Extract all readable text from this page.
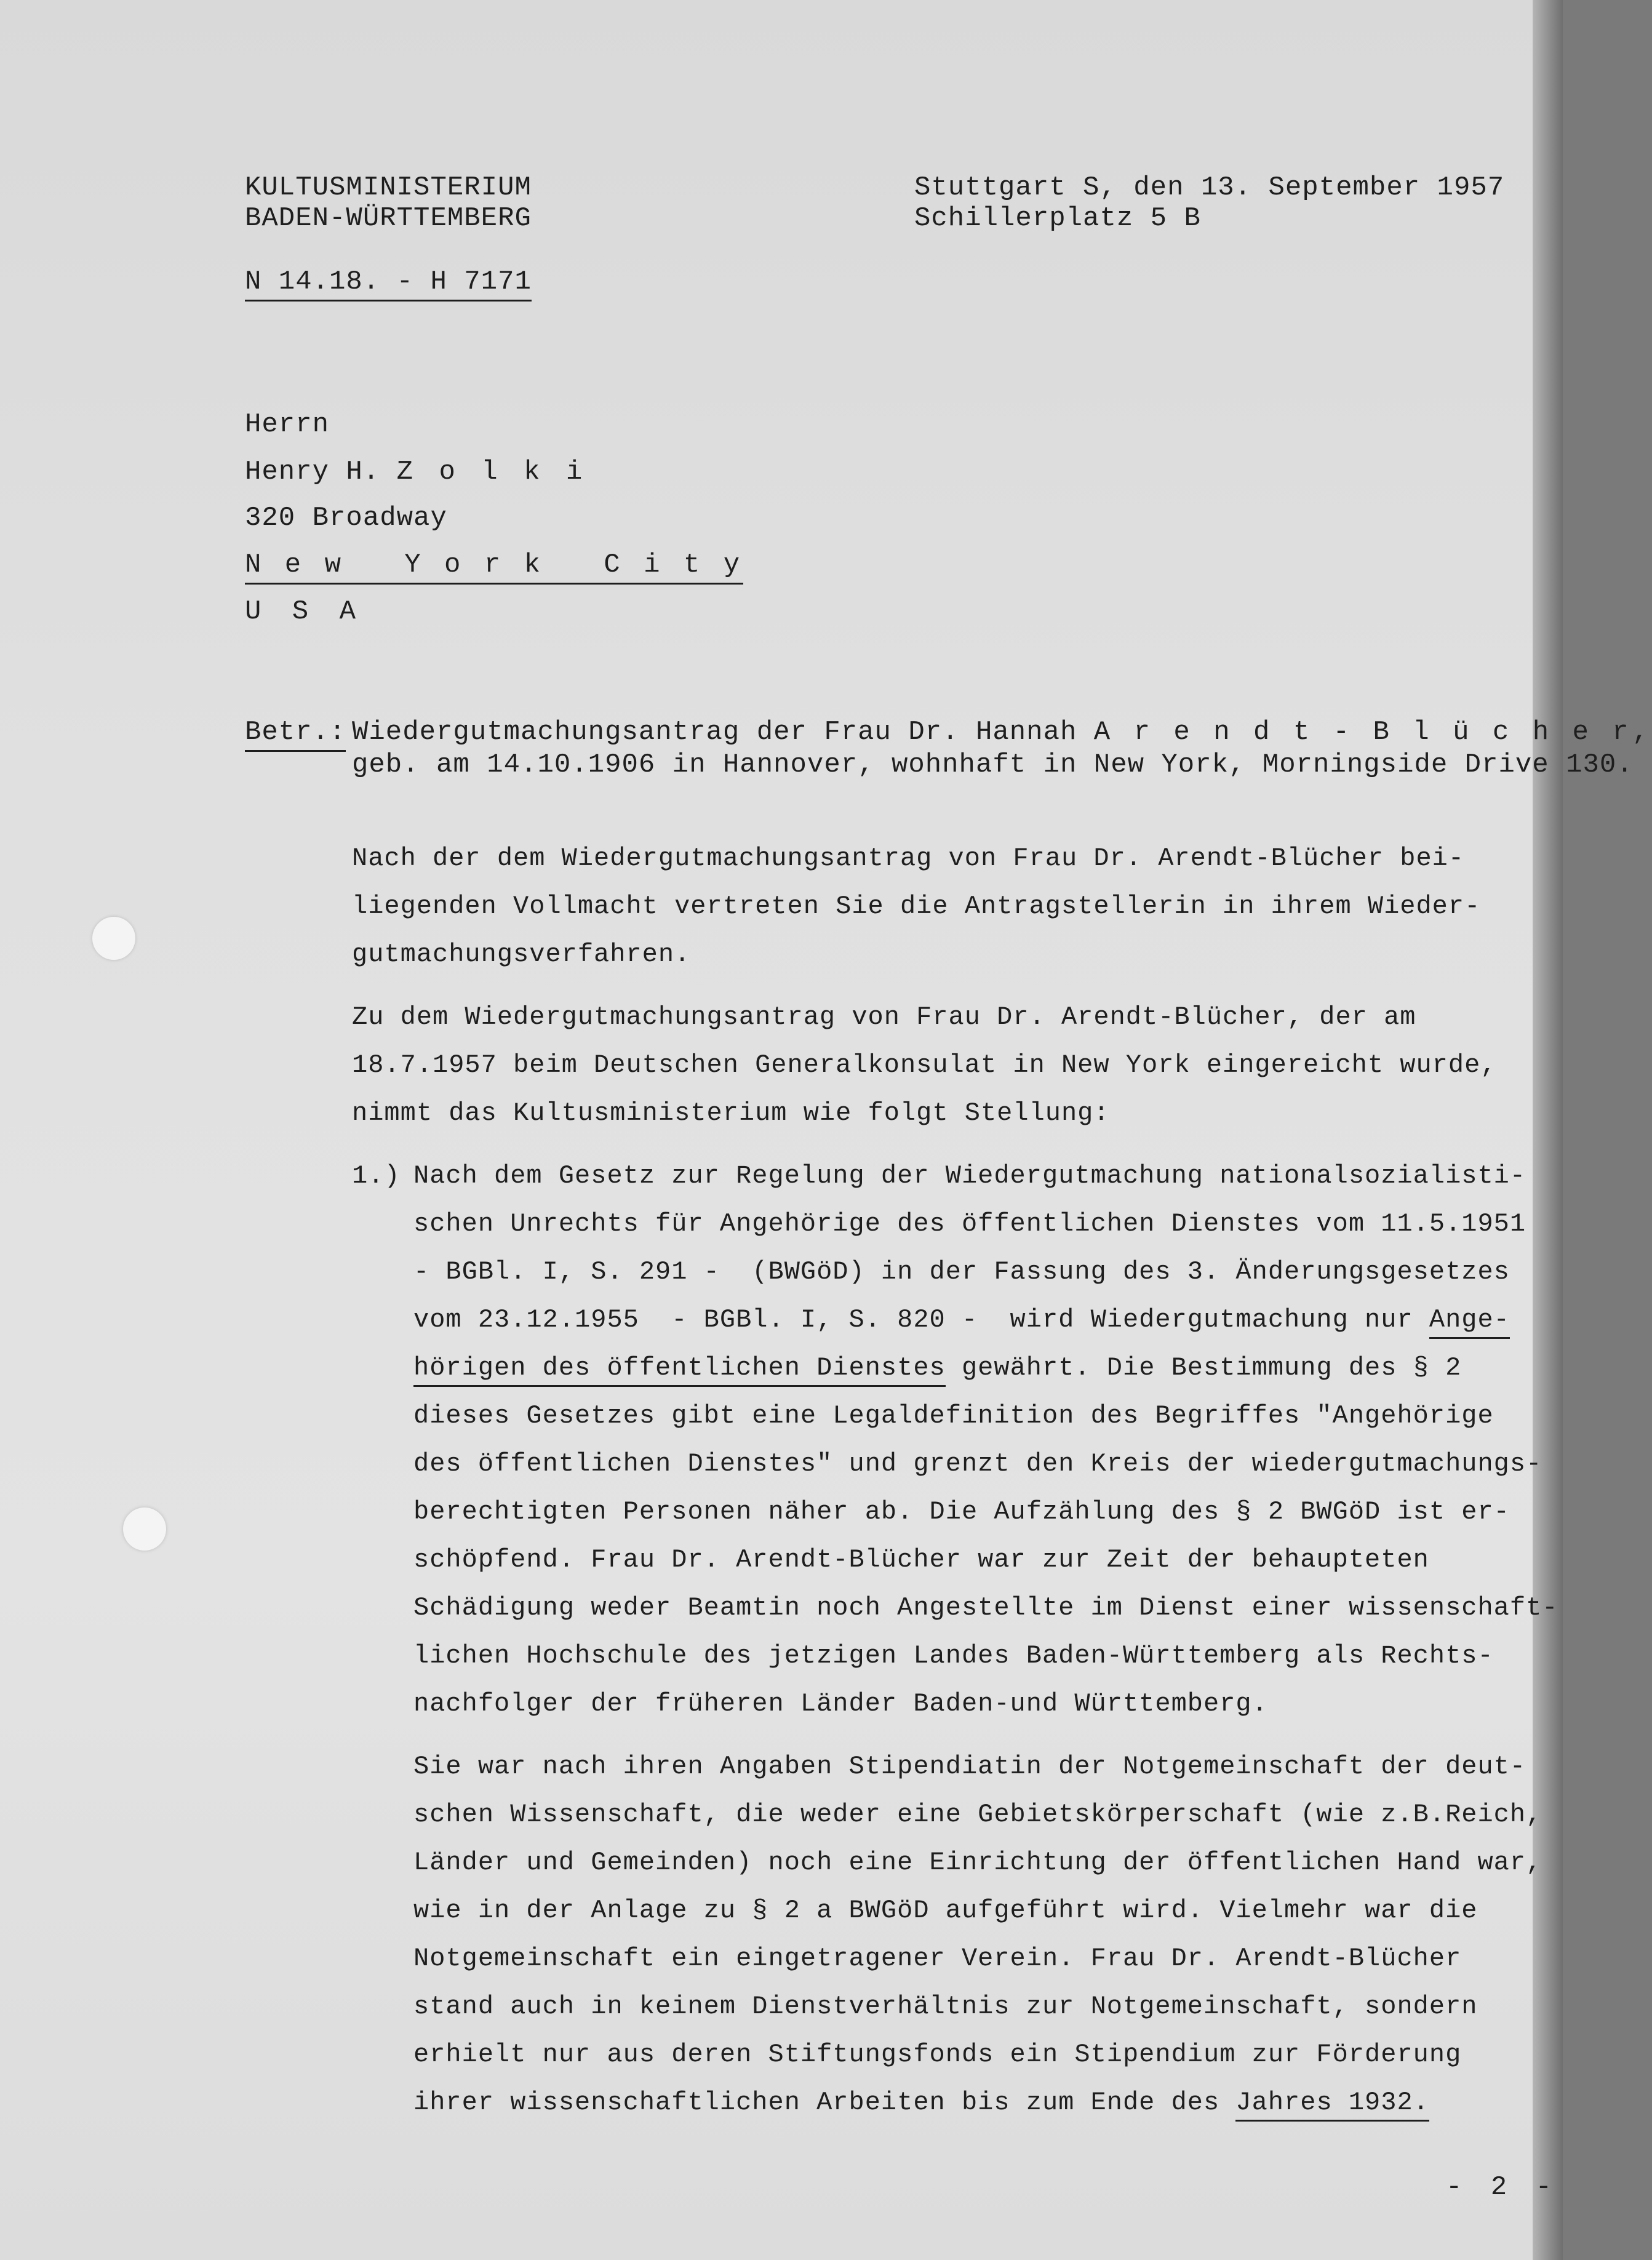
KULTUSMINISTERIUM
BADEN-WÜRTTEMBERG
Stuttgart S, den 13. September 1957
Schillerplatz 5 B
N 14.18. - H 7171
Herrn
Henry H. Z o l k i
320 Broadway
N e w   Y o r k   C i t y
U S A
Betr.: Wiedergutmachungsantrag der Frau Dr. Hannah A r e n d t - B l ü c h e r,
geb. am 14.10.1906 in Hannover, wohnhaft in New York, Morningside Drive 130.
Nach der dem Wiedergutmachungsantrag von Frau Dr. Arendt-Blücher bei-
liegenden Vollmacht vertreten Sie die Antragstellerin in ihrem Wieder-
gutmachungsverfahren.
Zu dem Wiedergutmachungsantrag von Frau Dr. Arendt-Blücher, der am
18.7.1957 beim Deutschen Generalkonsulat in New York eingereicht wurde,
nimmt das Kultusministerium wie folgt Stellung:
1.) Nach dem Gesetz zur Regelung der Wiedergutmachung nationalsozialisti-
schen Unrechts für Angehörige des öffentlichen Dienstes vom 11.5.1951
- BGBl. I, S. 291 -  (BWGöD) in der Fassung des 3. Änderungsgesetzes
vom 23.12.1955  - BGBl. I, S. 820 -  wird Wiedergutmachung nur Ange-
hörigen des öffentlichen Dienstes gewährt. Die Bestimmung des § 2
dieses Gesetzes gibt eine Legaldefinition des Begriffes "Angehörige
des öffentlichen Dienstes" und grenzt den Kreis der wiedergutmachungs-
berechtigten Personen näher ab. Die Aufzählung des § 2 BWGöD ist er-
schöpfend. Frau Dr. Arendt-Blücher war zur Zeit der behaupteten
Schädigung weder Beamtin noch Angestellte im Dienst einer wissenschaft-
lichen Hochschule des jetzigen Landes Baden-Württemberg als Rechts-
nachfolger der früheren Länder Baden-und Württemberg.
Sie war nach ihren Angaben Stipendiatin der Notgemeinschaft der deut-
schen Wissenschaft, die weder eine Gebietskörperschaft (wie z.B.Reich,
Länder und Gemeinden) noch eine Einrichtung der öffentlichen Hand war,
wie in der Anlage zu § 2 a BWGöD aufgeführt wird. Vielmehr war die
Notgemeinschaft ein eingetragener Verein. Frau Dr. Arendt-Blücher
stand auch in keinem Dienstverhältnis zur Notgemeinschaft, sondern
erhielt nur aus deren Stiftungsfonds ein Stipendium zur Förderung
ihrer wissenschaftlichen Arbeiten bis zum Ende des Jahres 1932.
- 2 -
